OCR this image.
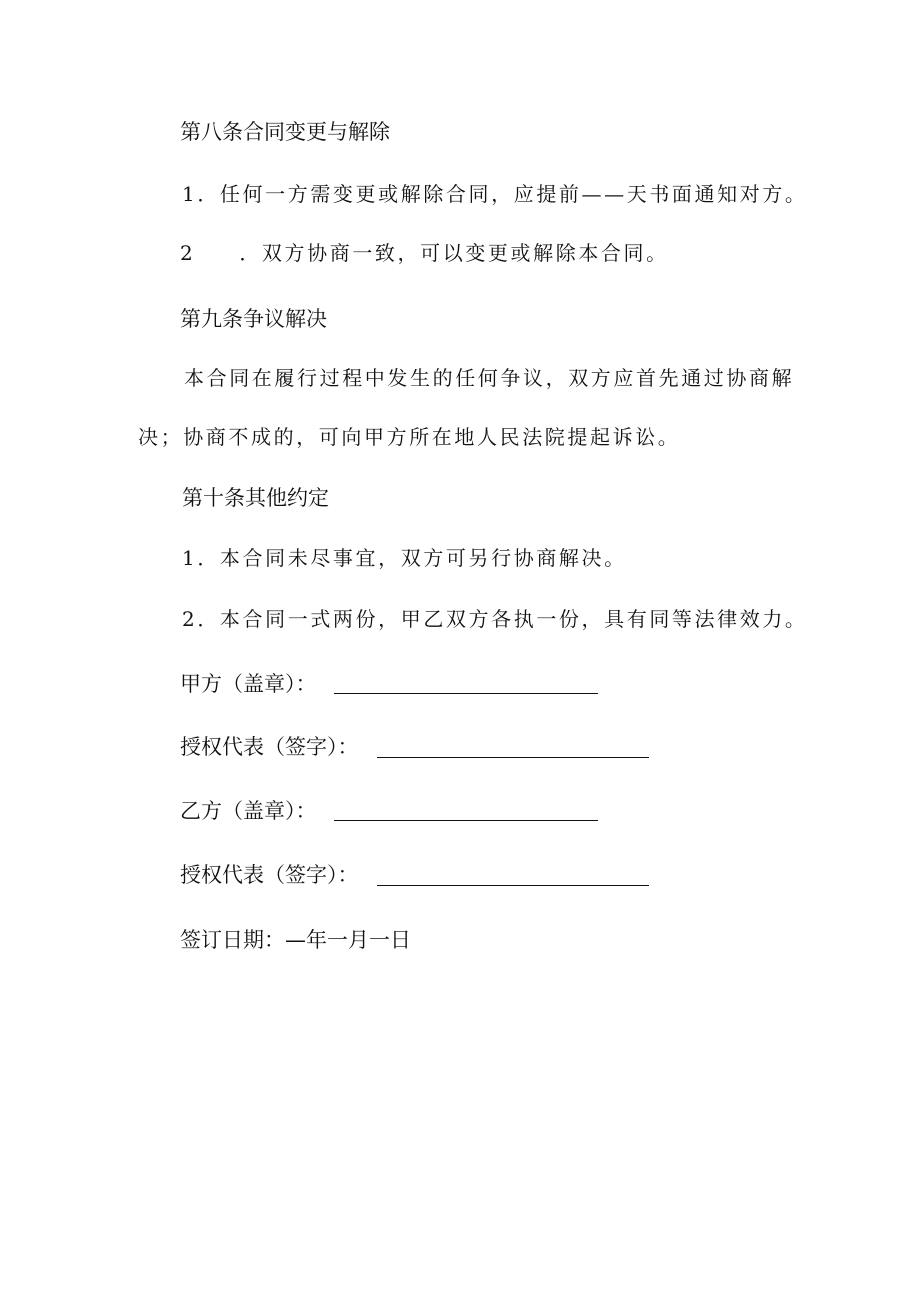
第八条合同变更与解除
1．任何一方需变更或解除合同，应提前——天书面通知对方。
2 ．双方协商一致，可以变更或解除本合同。
第九条争议解决
本合同在履行过程中发生的任何争议，双方应首先通过协商解
决；协商不成的，可向甲方所在地人民法院提起诉讼。
第十条其他约定
1．本合同未尽事宜，双方可另行协商解决。
2．本合同一式两份，甲乙双方各执一份，具有同等法律效力。
甲方（盖章）：
授权代表（签字）：
乙方（盖章）：
授权代表（签字）：
签订日期：—年一月一日
